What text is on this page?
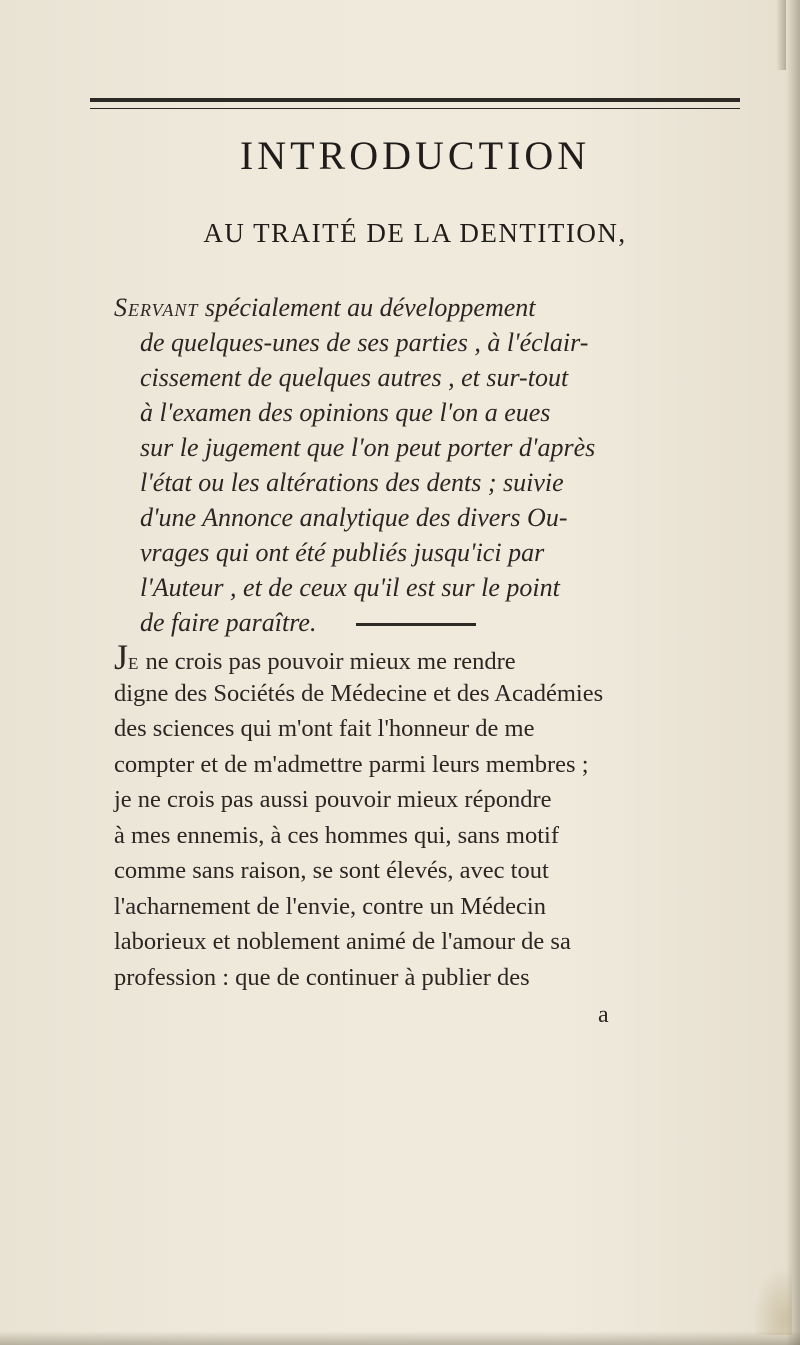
INTRODUCTION
AU TRAITÉ DE LA DENTITION,
Servant spécialement au développement
de quelques-unes de ses parties , à l'éclair-
cissement de quelques autres , et sur-tout
à l'examen des opinions que l'on a eues
sur le jugement que l'on peut porter d'après
l'état ou les altérations des dents ; suivie
d'une Annonce analytique des divers Ou-
vrages qui ont été publiés jusqu'ici par
l'Auteur , et de ceux qu'il est sur le point
de faire paraître.
JE ne crois pas pouvoir mieux me rendre
digne des Sociétés de Médecine et des Académies
des sciences qui m'ont fait l'honneur de me
compter et de m'admettre parmi leurs membres ;
je ne crois pas aussi pouvoir mieux répondre
à mes ennemis, à ces hommes qui, sans motif
comme sans raison, se sont élevés, avec tout
l'acharnement de l'envie, contre un Médecin
laborieux et noblement animé de l'amour de sa
profession : que de continuer à publier des
a
